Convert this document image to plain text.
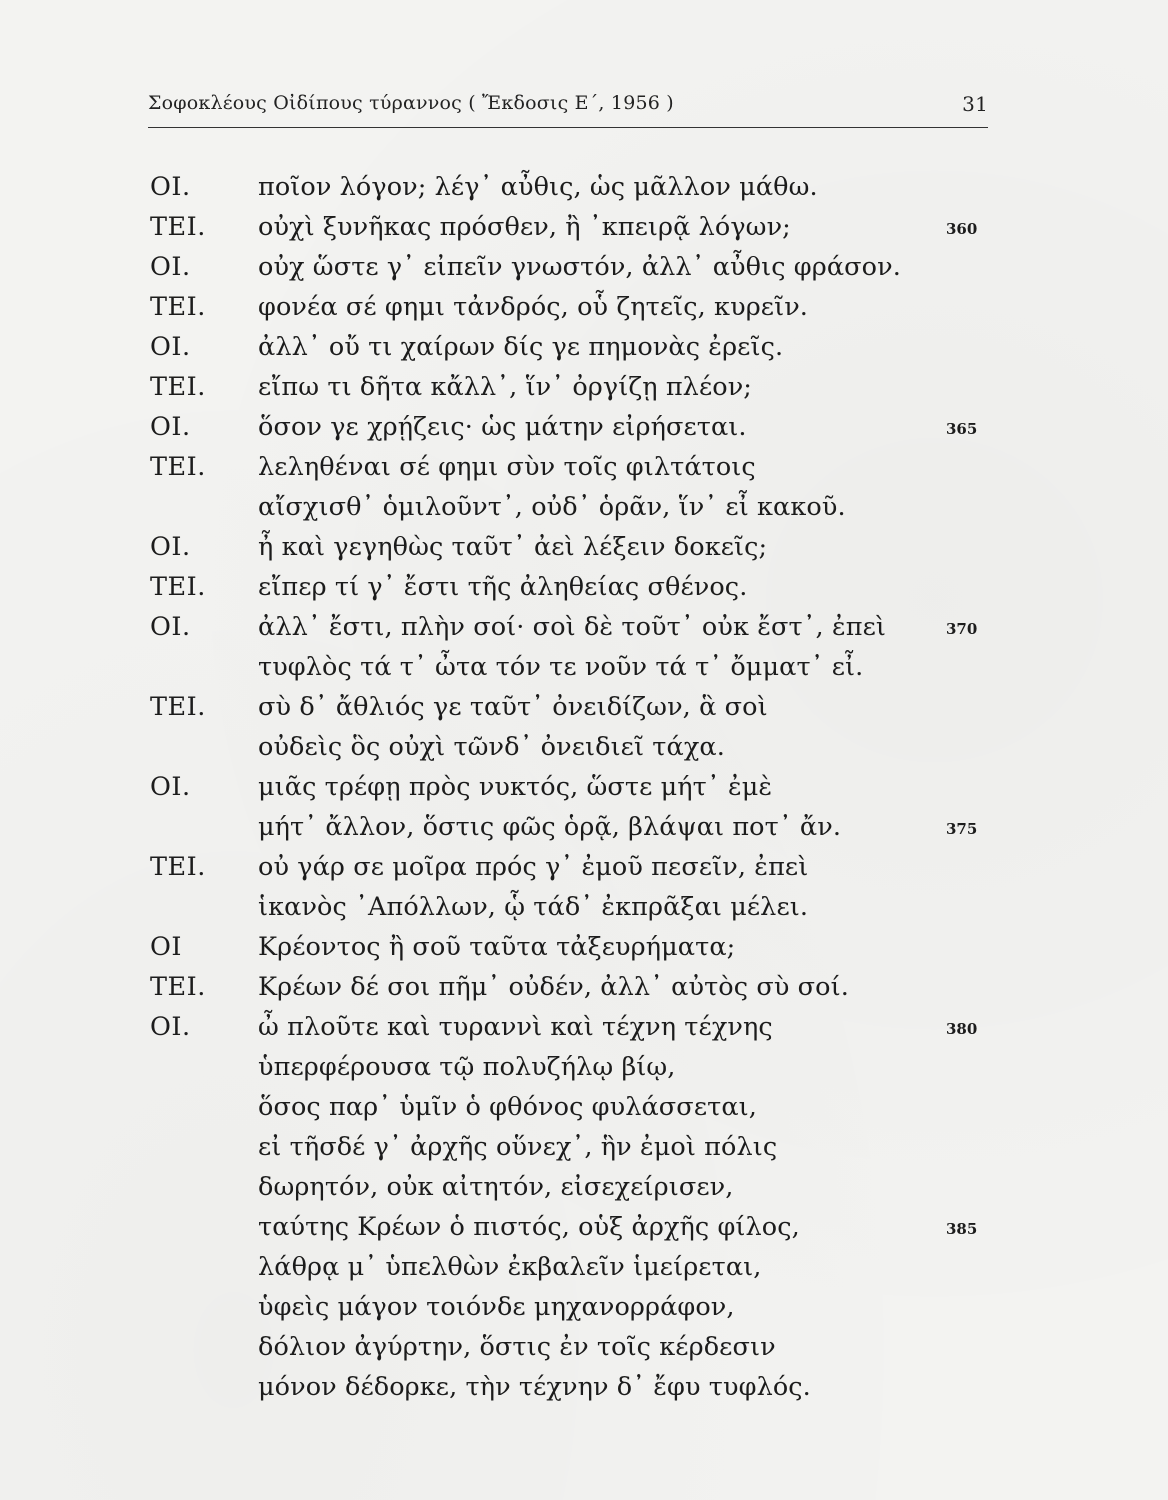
Σοφοκλέους Οἰδίπους τύραννος ( Ἔκδοσις Ε΄, 1956 )	31
ΟΙ.	ποῖον λόγον; λέγ᾽ αὖθις, ὡς μᾶλλον μάθω.
ΤΕΙ. οὐχὶ ξυνῆκας πρόσθεν, ἢ ᾽κπειρᾷ λόγων;	360
ΟΙ.	οὐχ ὥστε γ᾽ εἰπεῖν γνωστόν, ἀλλ᾽ αὖθις φράσον.
ΤΕΙ. φονέα σέ φημι τἀνδρός, οὗ ζητεῖς, κυρεῖν.
ΟΙ.	ἀλλ᾽ οὔ τι χαίρων δίς γε πημονὰς ἐρεῖς.
ΤΕΙ. εἴπω τι δῆτα κἄλλ᾽, ἵν᾽ ὀργίζῃ πλέον;
ΟΙ.	ὅσον γε χρῄζεις· ὡς μάτην εἰρήσεται.	365
ΤΕΙ. λεληθέναι σέ φημι σὺν τοῖς φιλτάτοις
αἴσχισθ᾽ ὁμιλοῦντ᾽, οὐδ᾽ ὁρᾶν, ἵν᾽ εἶ κακοῦ.
ΟΙ.	ἦ καὶ γεγηθὼς ταῦτ᾽ ἀεὶ λέξειν δοκεῖς;
ΤΕΙ. εἴπερ τί γ᾽ ἔστι τῆς ἀληθείας σθένος.
ΟΙ.	ἀλλ᾽ ἔστι, πλὴν σοί· σοὶ δὲ τοῦτ᾽ οὐκ ἔστ᾽, ἐπεὶ	370
τυφλὸς τά τ᾽ ὦτα τόν τε νοῦν τά τ᾽ ὄμματ᾽ εἶ.
ΤΕΙ. σὺ δ᾽ ἄθλιός γε ταῦτ᾽ ὀνειδίζων, ἃ σοὶ
οὐδεὶς ὃς οὐχὶ τῶνδ᾽ ὀνειδιεῖ τάχα.
ΟΙ.	μιᾶς τρέφῃ πρὸς νυκτός, ὥστε μήτ᾽ ἐμὲ
μήτ᾽ ἄλλον, ὅστις φῶς ὁρᾷ, βλάψαι ποτ᾽ ἄν.	375
ΤΕΙ. οὐ γάρ σε μοῖρα πρός γ᾽ ἐμοῦ πεσεῖν, ἐπεὶ
ἱκανὸς ᾽Απόλλων, ᾧ τάδ᾽ ἐκπρᾶξαι μέλει.
ΟΙ	Κρέοντος ἢ σοῦ ταῦτα τἀξευρήματα;
ΤΕΙ. Κρέων δέ σοι πῆμ᾽ οὐδέν, ἀλλ᾽ αὐτὸς σὺ σοί.
ΟΙ.	ὦ πλοῦτε καὶ τυραννὶ καὶ τέχνη τέχνης	380
ὑπερφέρουσα τῷ πολυζήλῳ βίῳ,
ὅσος παρ᾽ ὑμῖν ὁ φθόνος φυλάσσεται,
εἰ τῆσδέ γ᾽ ἀρχῆς οὕνεχ᾽, ἣν ἐμοὶ πόλις
δωρητόν, οὐκ αἰτητόν, εἰσεχείρισεν,
ταύτης Κρέων ὁ πιστός, οὑξ ἀρχῆς φίλος,	385
λάθρᾳ μ᾽ ὑπελθὼν ἐκβαλεῖν ἱμείρεται,
ὑφεὶς μάγον τοιόνδε μηχανορράφον,
δόλιον ἀγύρτην, ὅστις ἐν τοῖς κέρδεσιν
μόνον δέδορκε, τὴν τέχνην δ᾽ ἔφυ τυφλός.
